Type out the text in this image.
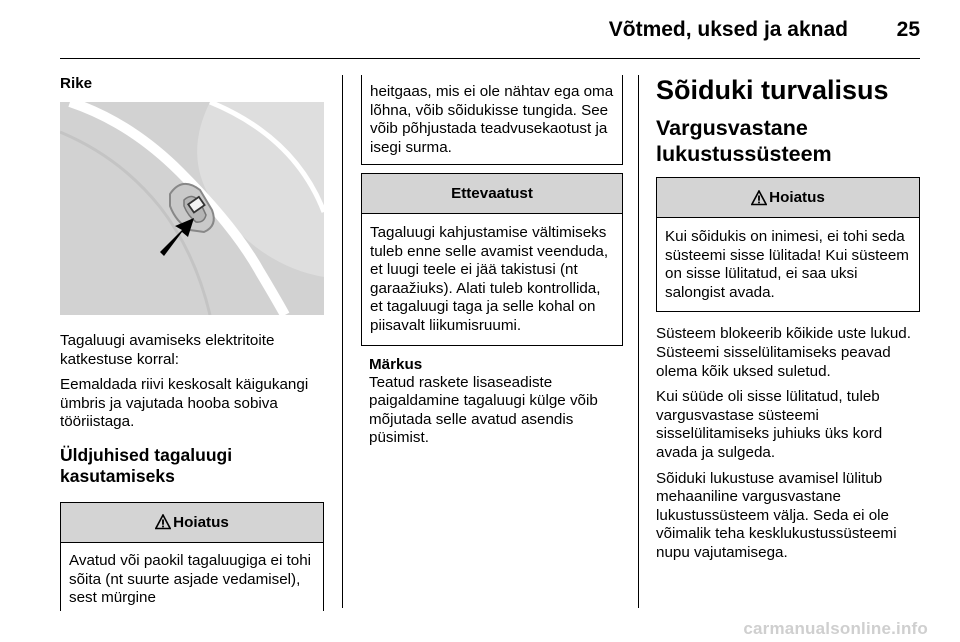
Võtmed, uksed ja aknad 25
Rike
Tagaluugi avamiseks elektritoite katkestuse korral:
Eemaldada riivi keskosalt käigukangi ümbris ja vajutada hooba sobiva tööriistaga.
Üldjuhised tagaluugi kasutamiseks
Hoiatus
Avatud või paokil tagaluugiga ei tohi sõita (nt suurte asjade vedamisel), sest mürgine
heitgaas, mis ei ole nähtav ega oma lõhna, võib sõidukisse tungida. See võib põhjustada teadvusekaotust ja isegi surma.
Ettevaatust
Tagaluugi kahjustamise vältimiseks tuleb enne selle avamist veenduda, et luugi teele ei jää takistusi (nt garaažiuks). Alati tuleb kontrollida, et tagaluugi taga ja selle kohal on piisavalt liikumisruumi.
Märkus
Teatud raskete lisaseadiste paigaldamine tagaluugi külge võib mõjutada selle avatud asendis püsimist.
Sõiduki turvalisus
Vargusvastane lukustussüsteem
Hoiatus
Kui sõidukis on inimesi, ei tohi seda süsteemi sisse lülitada! Kui süsteem on sisse lülitatud, ei saa uksi salongist avada.
Süsteem blokeerib kõikide uste lukud. Süsteemi sisselülitamiseks peavad olema kõik uksed suletud.
Kui süüde oli sisse lülitatud, tuleb vargusvastase süsteemi sisselülitamiseks juhiuks üks kord avada ja sulgeda.
Sõiduki lukustuse avamisel lülitub mehaaniline vargusvastane lukustussüsteem välja. Seda ei ole võimalik teha kesklukustussüsteemi nupu vajutamisega.
carmanualsonline.info
